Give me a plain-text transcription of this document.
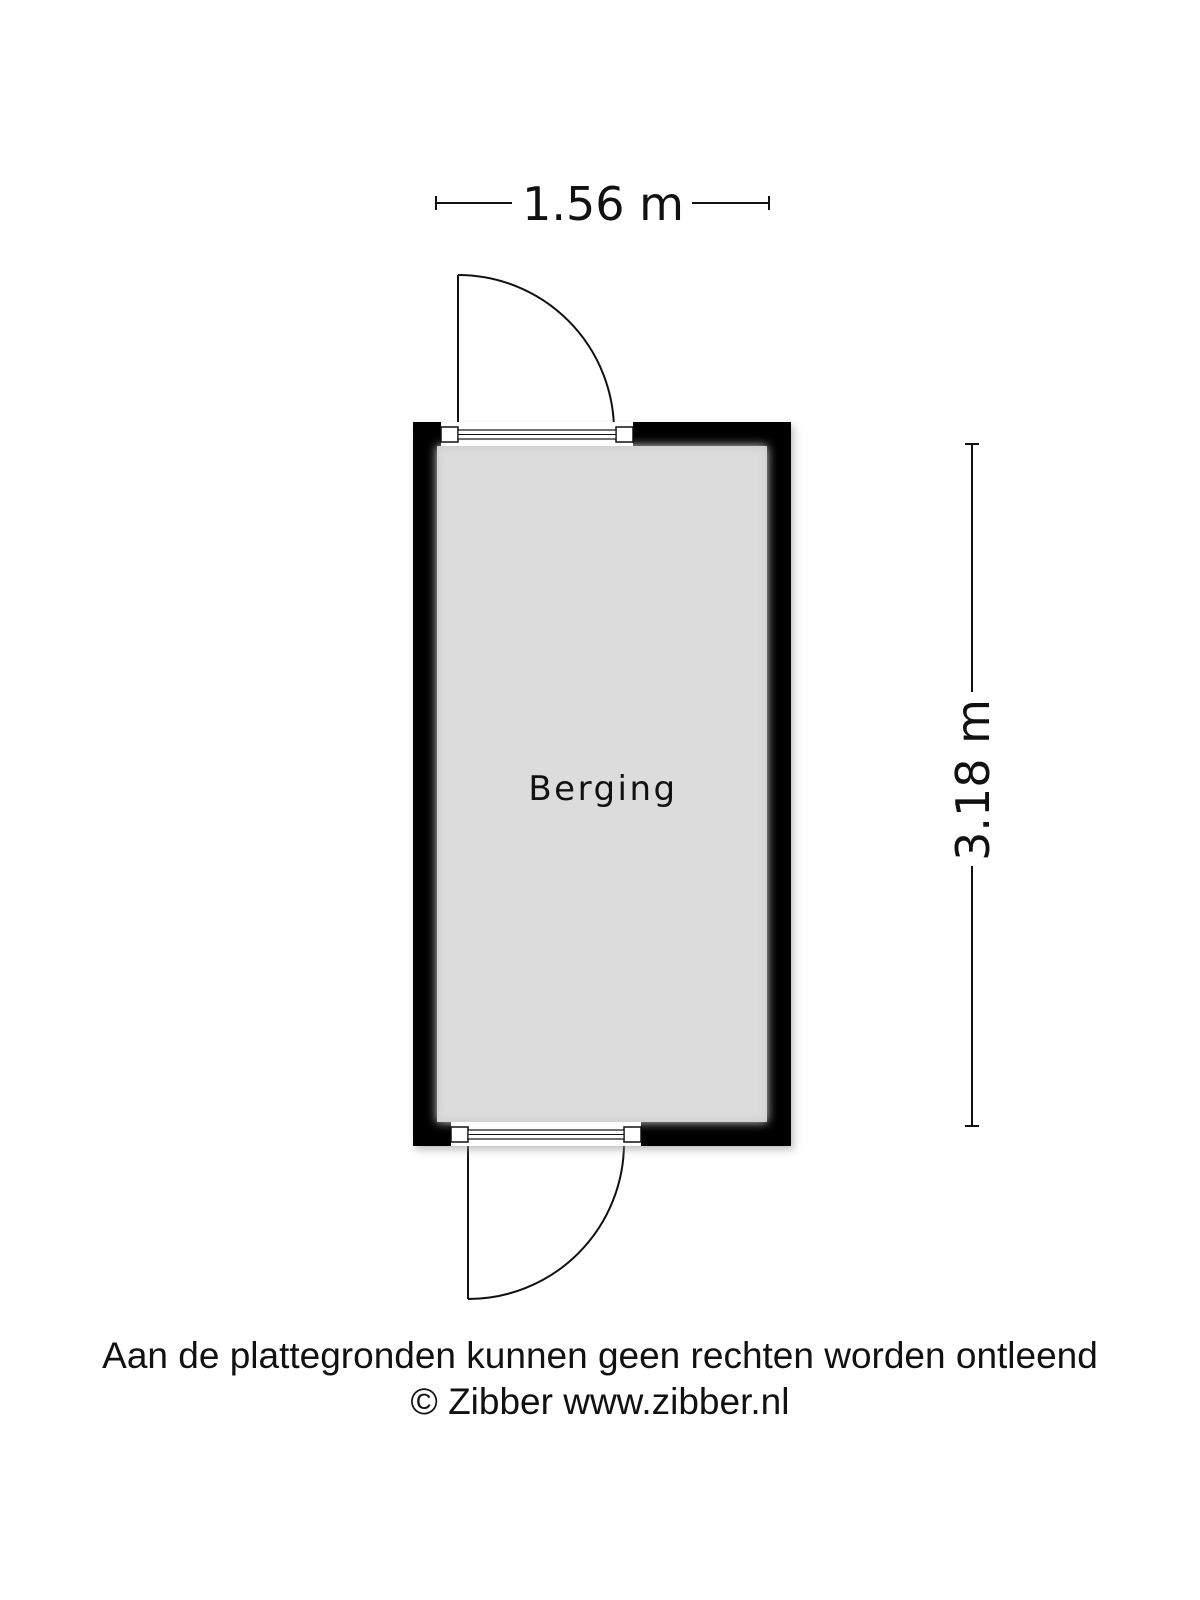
1.56 m
3.18 m
Berging
Aan de plattegronden kunnen geen rechten worden ontleend
© Zibber www.zibber.nl
